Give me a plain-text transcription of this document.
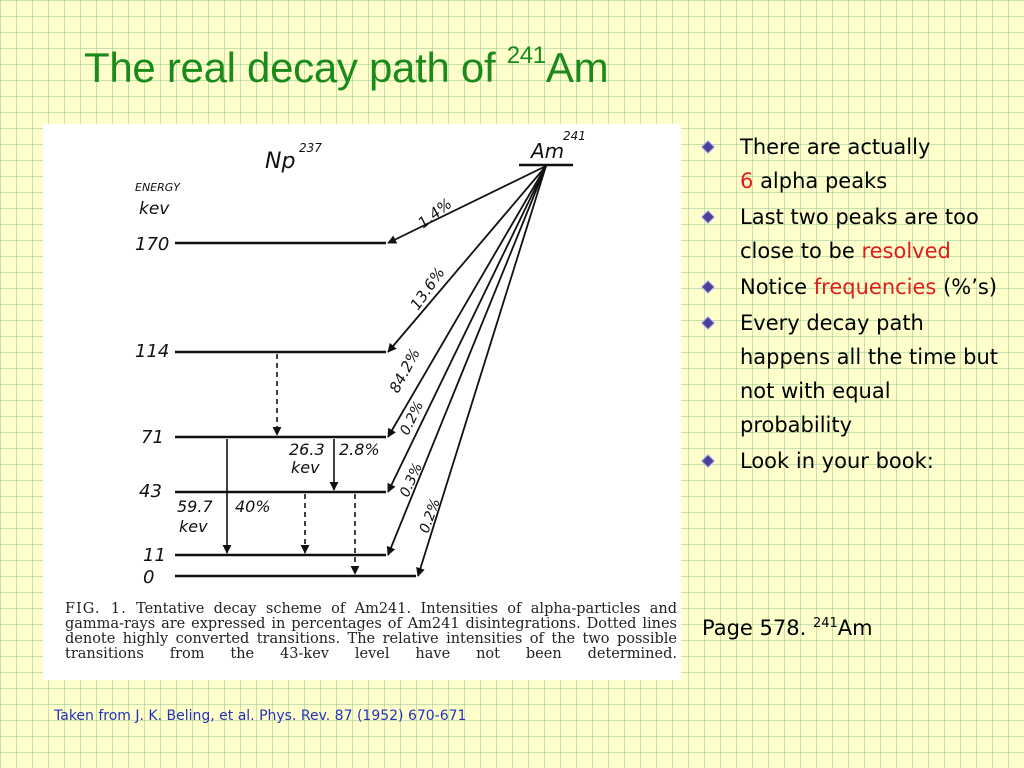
The real decay path of $^{241}$Am
Np
237	Am
241
ENERGY
kev
170
114
71
43
11
0
26.3
kev
2.8%
59.7
kev
40%
1.4%
13.6%
84.2%
0.2%
0.3%
0.2%
FIG. 1. Tentative decay scheme of Am241. Intensities of alpha-particles and gamma-rays are expressed in percentages of Am241 disintegrations. Dotted lines denote highly converted transitions. The relative intensities of the two possible transitions from the 43-kev level have not been determined.
There are actually
6 alpha peaks
Last two peaks are too close to be resolved
Notice frequencies (%’s)
Every decay path happens all the time but not with equal probability
Look in your book:
Page 578. $^{241}$Am
Taken from J. K. Beling, et al. Phys. Rev. 87 (1952) 670-671
